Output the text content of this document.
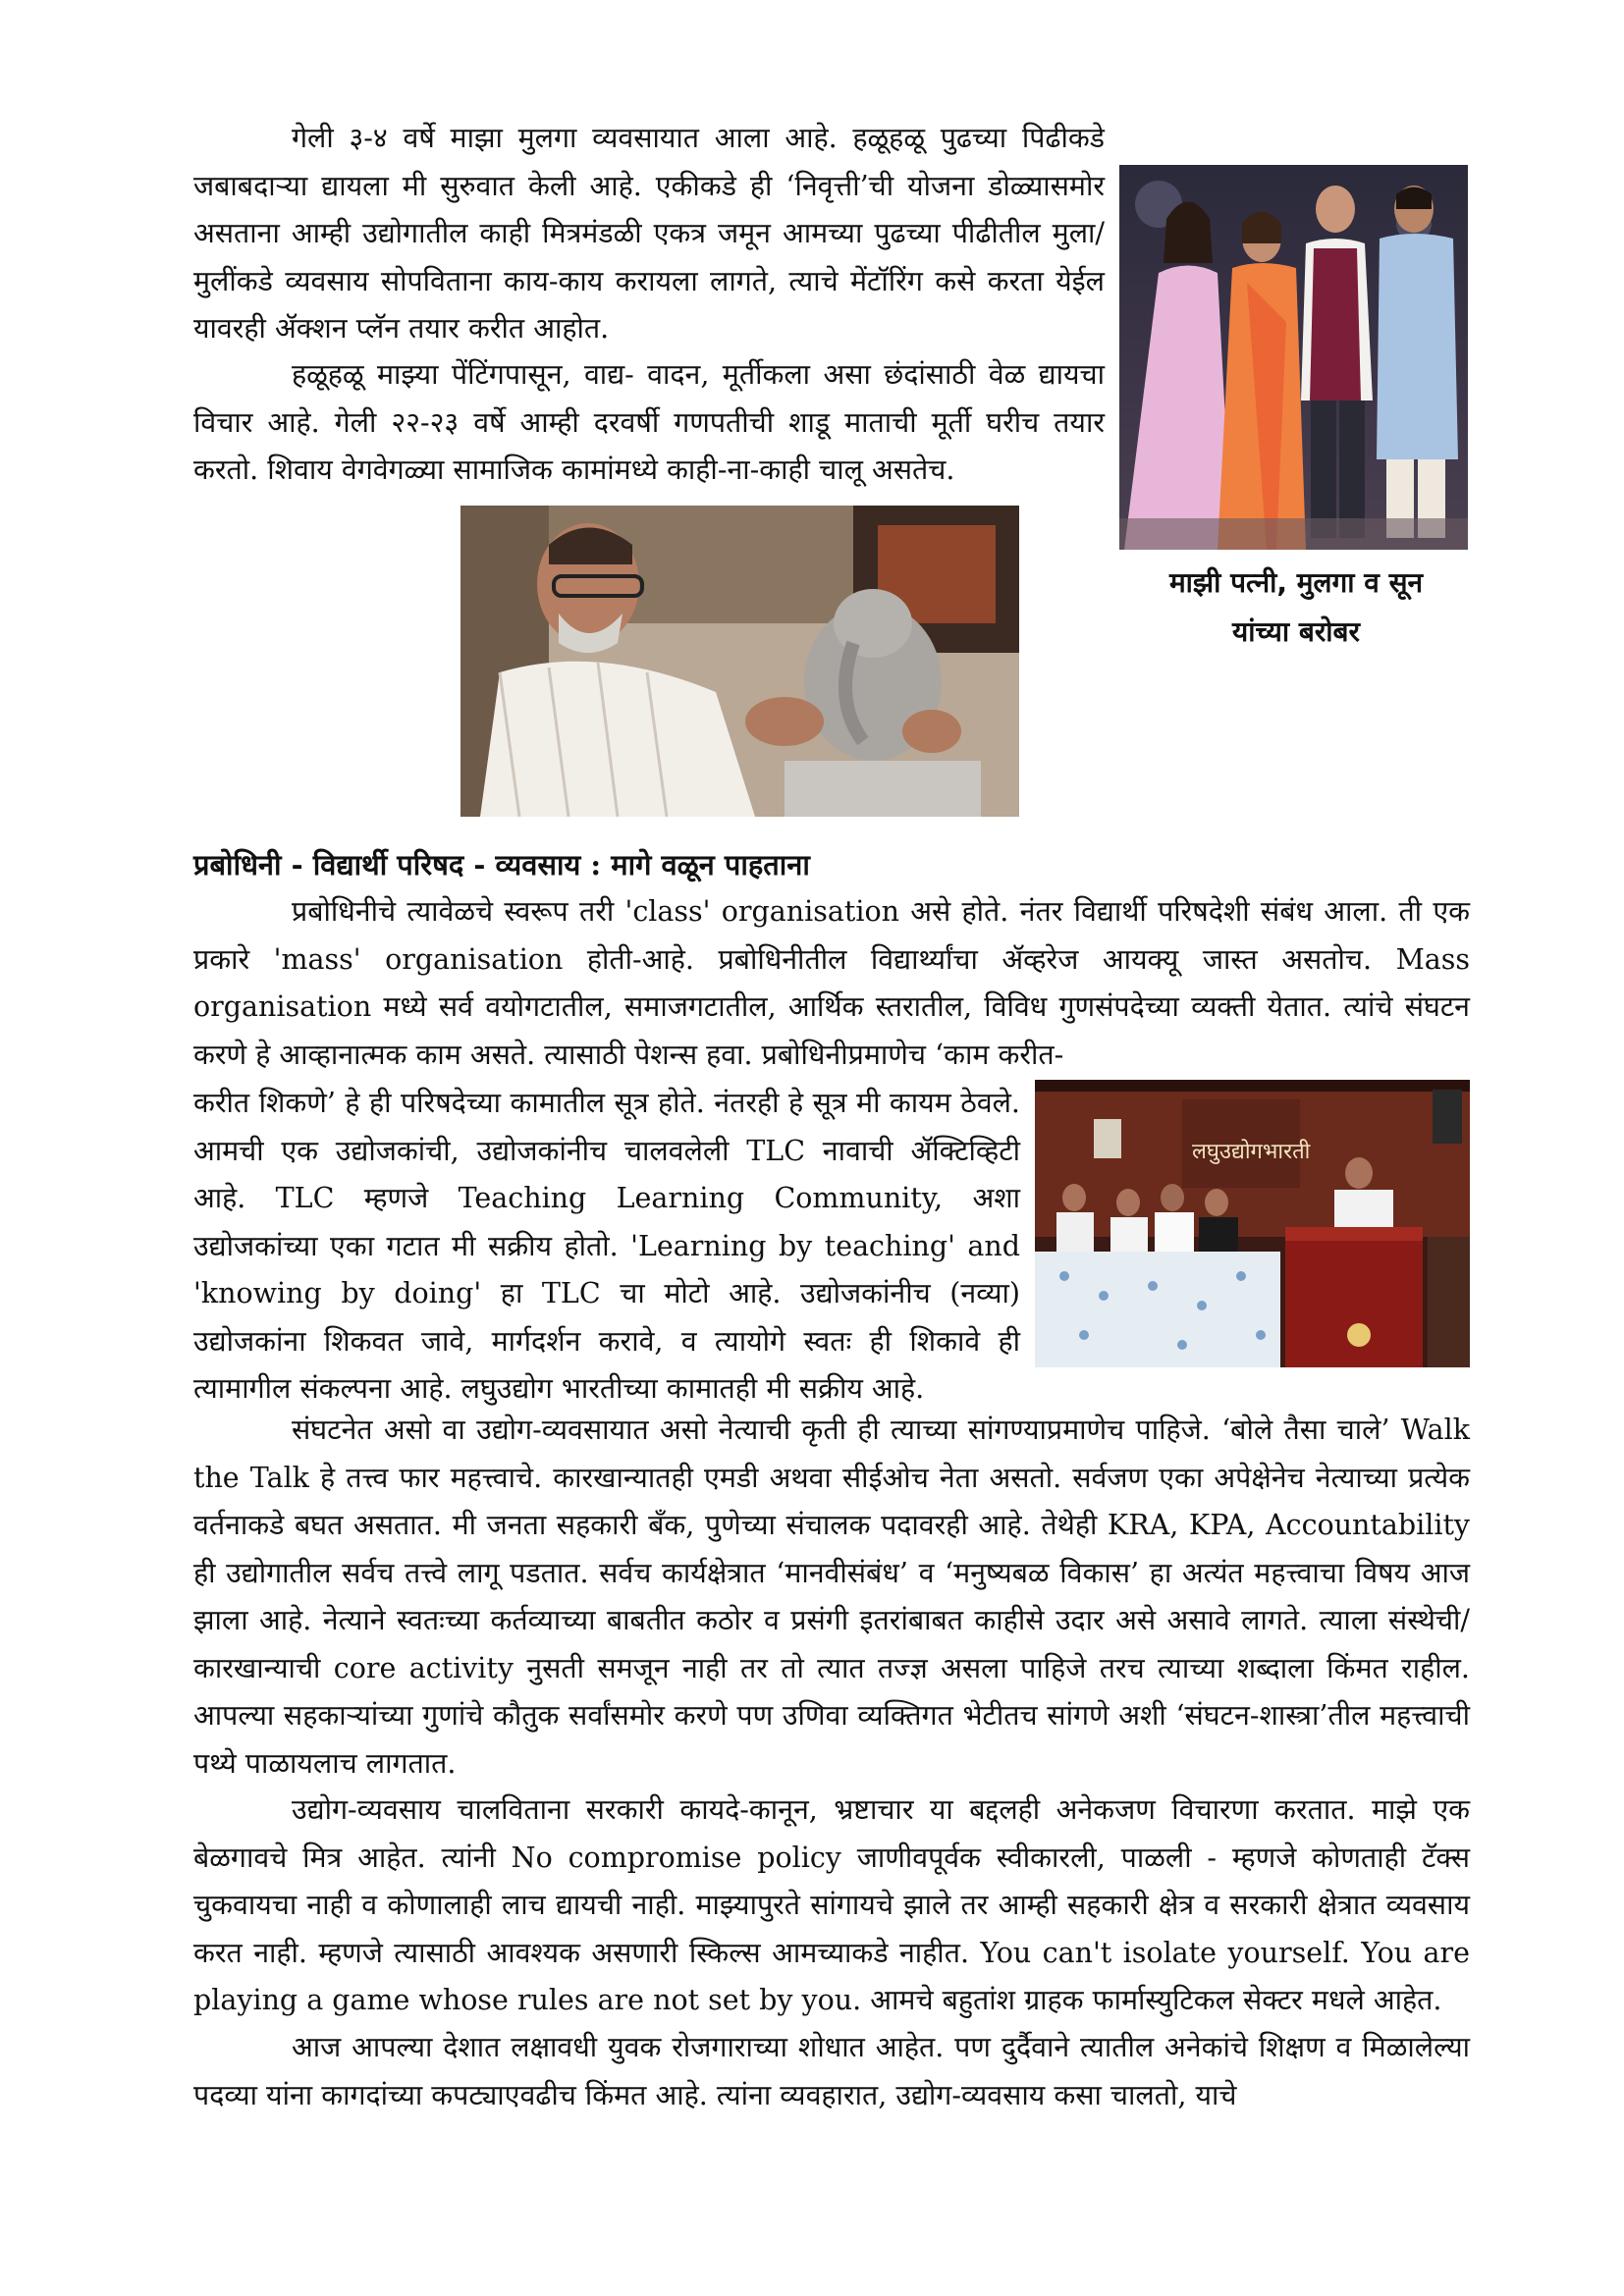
गेली ३-४ वर्षे माझा मुलगा व्यवसायात आला आहे. हळूहळू पुढच्या पिढीकडे जबाबदाऱ्या द्यायला मी सुरुवात केली आहे. एकीकडे ही ‘निवृत्ती’ची योजना डोळ्यासमोर असताना आम्ही उद्योगातील काही मित्रमंडळी एकत्र जमून आमच्या पुढच्या पीढीतील मुला/मुलींकडे व्यवसाय सोपविताना काय-काय करायला लागते, त्याचे मेंटॉरिंग कसे करता येईल यावरही ॲक्शन प्लॅन तयार करीत आहोत.

हळूहळू माझ्या पेंटिंगपासून, वाद्य- वादन, मूर्तीकला असा छंदांसाठी वेळ द्यायचा विचार आहे. गेली २२-२३ वर्षे आम्ही दरवर्षी गणपतीची शाडू माताची मूर्ती घरीच तयार करतो. शिवाय वेगवेगळ्या सामाजिक कामांमध्ये काही-ना-काही चालू असतेच.

माझी पत्नी, मुलगा व सून
यांच्या बरोबर
प्रबोधिनी - विद्यार्थी परिषद - व्यवसाय : मागे वळून पाहताना

प्रबोधिनीचे त्यावेळचे स्वरूप तरी 'class' organisation असे होते. नंतर विद्यार्थी परिषदेशी संबंध आला. ती एक प्रकारे 'mass' organisation होती-आहे. प्रबोधिनीतील विद्यार्थ्यांचा ॲव्हरेज आयक्यू जास्त असतोच. Mass organisation मध्ये सर्व वयोगटातील, समाजगटातील, आर्थिक स्तरातील, विविध गुणसंपदेच्या व्यक्ती येतात. त्यांचे संघटन करणे हे आव्हानात्मक काम असते. त्यासाठी पेशन्स हवा. प्रबोधिनीप्रमाणेच ‘काम करीत-

करीत शिकणे’ हे ही परिषदेच्या कामातील सूत्र होते. नंतरही हे सूत्र मी कायम ठेवले. आमची एक उद्योजकांची, उद्योजकांनीच चालवलेली TLC नावाची ॲक्टिव्हिटी आहे. TLC म्हणजे Teaching Learning Community, अशा उद्योजकांच्या एका गटात मी सक्रीय होतो. 'Learning by teaching' and 'knowing by doing' हा TLC चा मोटो आहे. उद्योजकांनीच (नव्या) उद्योजकांना शिकवत जावे, मार्गदर्शन करावे, व त्यायोगे स्वतः ही शिकावे ही त्यामागील संकल्पना आहे. लघुउद्योग भारतीच्या कामातही मी सक्रीय आहे.

लघुउद्योगभारती

संघटनेत असो वा उद्योग-व्यवसायात असो नेत्याची कृती ही त्याच्या सांगण्याप्रमाणेच पाहिजे. ‘बोले तैसा चाले’ Walk the Talk हे तत्त्व फार महत्त्वाचे. कारखान्यातही एमडी अथवा सीईओच नेता असतो. सर्वजण एका अपेक्षेनेच नेत्याच्या प्रत्येक वर्तनाकडे बघत असतात. मी जनता सहकारी बँक, पुणेच्या संचालक पदावरही आहे. तेथेही KRA, KPA, Accountability ही उद्योगातील सर्वच तत्त्वे लागू पडतात. सर्वच कार्यक्षेत्रात ‘मानवीसंबंध’ व ‘मनुष्यबळ विकास’ हा अत्यंत महत्त्वाचा विषय आज झाला आहे. नेत्याने स्वतःच्या कर्तव्याच्या बाबतीत कठोर व प्रसंगी इतरांबाबत काहीसे उदार असे असावे लागते. त्याला संस्थेची/ कारखान्याची core activity नुसती समजून नाही तर तो त्यात तज्ज्ञ असला पाहिजे तरच त्याच्या शब्दाला किंमत राहील. आपल्या सहकाऱ्यांच्या गुणांचे कौतुक सर्वांसमोर करणे पण उणिवा व्यक्तिगत भेटीतच सांगणे अशी ‘संघटन-शास्त्रा’तील महत्त्वाची पथ्ये पाळायलाच लागतात.

उद्योग-व्यवसाय चालविताना सरकारी कायदे-कानून, भ्रष्टाचार या बद्दलही अनेकजण विचारणा करतात. माझे एक बेळगावचे मित्र आहेत. त्यांनी No compromise policy जाणीवपूर्वक स्वीकारली, पाळली - म्हणजे कोणताही टॅक्स चुकवायचा नाही व कोणालाही लाच द्यायची नाही. माझ्यापुरते सांगायचे झाले तर आम्ही सहकारी क्षेत्र व सरकारी क्षेत्रात व्यवसाय करत नाही. म्हणजे त्यासाठी आवश्यक असणारी स्किल्स आमच्याकडे नाहीत. You can't isolate yourself. You are playing a game whose rules are not set by you. आमचे बहुतांश ग्राहक फार्मास्युटिकल सेक्टर मधले आहेत.

आज आपल्या देशात लक्षावधी युवक रोजगाराच्या शोधात आहेत. पण दुर्दैवाने त्यातील अनेकांचे शिक्षण व मिळालेल्या पदव्या यांना कागदांच्या कपट्याएवढीच किंमत आहे. त्यांना व्यवहारात, उद्योग-व्यवसाय कसा चालतो, याचे
